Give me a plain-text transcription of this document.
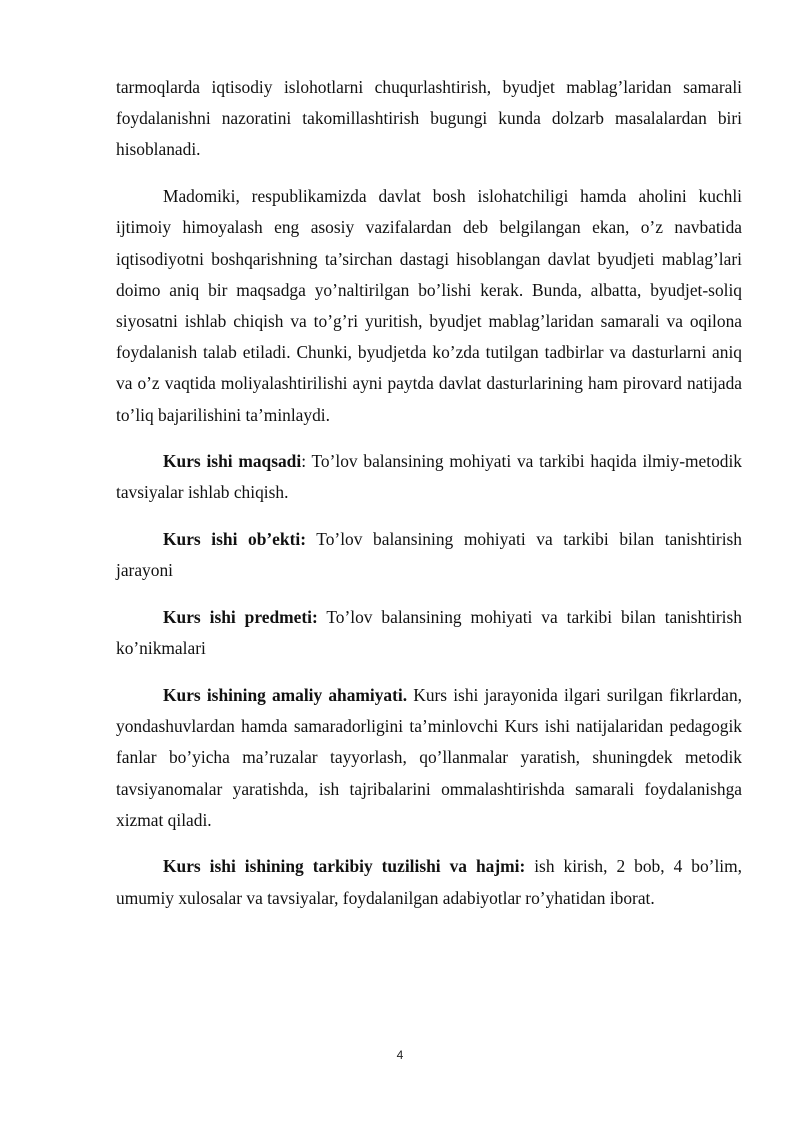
tarmoqlarda iqtisodiy islohotlarni chuqurlashtirish, byudjet mablag’laridan samarali foydalanishni nazoratini takomillashtirish bugungi kunda dolzarb masalalardan biri hisoblanadi.

Madomiki, respublikamizda davlat bosh islohatchiligi hamda aholini kuchli ijtimoiy himoyalash eng asosiy vazifalardan deb belgilangan ekan, o’z navbatida iqtisodiyotni boshqarishning ta’sirchan dastagi hisoblangan davlat byudjeti mablag’lari doimo aniq bir maqsadga yo’naltirilgan bo’lishi kerak. Bunda, albatta, byudjet-soliq siyosatni ishlab chiqish va to’g’ri yuritish, byudjet mablag’laridan samarali va oqilona foydalanish talab etiladi. Chunki, byudjetda ko’zda tutilgan tadbirlar va dasturlarni aniq va o’z vaqtida moliyalashtirilishi ayni paytda davlat dasturlarining ham pirovard natijada to’liq bajarilishini ta’minlaydi.

Kurs ishi maqsadi: To’lov balansining mohiyati va tarkibi haqida ilmiy-metodik tavsiyalar ishlab chiqish.

Kurs ishi ob’ekti: To’lov balansining mohiyati va tarkibi bilan tanishtirish jarayoni

Kurs ishi predmeti: To’lov balansining mohiyati va tarkibi bilan tanishtirish ko’nikmalari

Kurs ishining amaliy ahamiyati. Kurs ishi jarayonida ilgari surilgan fikrlardan, yondashuvlardan hamda samaradorligini ta’minlovchi Kurs ishi natijalaridan pedagogik fanlar bo’yicha ma’ruzalar tayyorlash, qo’llanmalar yaratish, shuningdek metodik tavsiyanomalar yaratishda, ish tajribalarini ommalashtirishda samarali foydalanishga xizmat qiladi.

Kurs ishi ishining tarkibiy tuzilishi va hajmi: ish kirish, 2 bob, 4 bo’lim, umumiy xulosalar va tavsiyalar, foydalanilgan adabiyotlar ro’yhatidan iborat.

4
